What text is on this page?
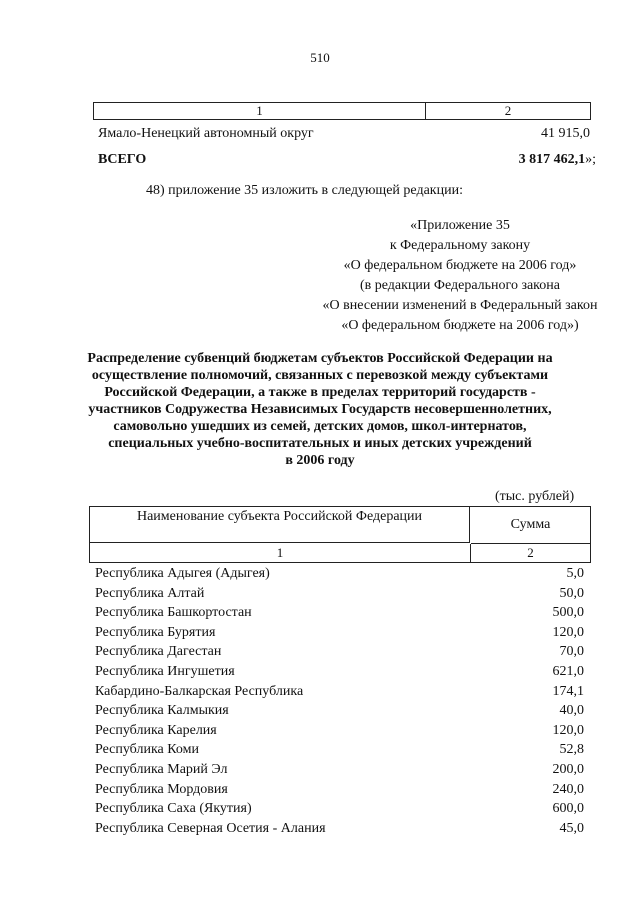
510
1	2
Ямало-Ненецкий автономный округ	41 915,0
ВСЕГО	3 817 462,1»;
48) приложение 35 изложить в следующей редакции:
«Приложение 35
к Федеральному закону
«О федеральном бюджете на 2006 год»
(в редакции Федерального закона
«О внесении изменений в Федеральный закон
«О федеральном бюджете на 2006 год»)
Распределение субвенций бюджетам субъектов Российской Федерации на
осуществление полномочий, связанных с перевозкой между субъектами
Российской Федерации, а также в пределах территорий государств -
участников Содружества Независимых Государств несовершеннолетних,
самовольно ушедших из семей, детских домов, школ-интернатов,
специальных учебно-воспитательных и иных детских учреждений
в 2006 году
(тыс. рублей)
Наименование субъекта Российской Федерации
Сумма
1	2
Республика Адыгея (Адыгея)	5,0
Республика Алтай	50,0
Республика Башкортостан	500,0
Республика Бурятия	120,0
Республика Дагестан	70,0
Республика Ингушетия	621,0
Кабардино-Балкарская Республика	174,1
Республика Калмыкия	40,0
Республика Карелия	120,0
Республика Коми	52,8
Республика Марий Эл	200,0
Республика Мордовия	240,0
Республика Саха (Якутия)	600,0
Республика Северная Осетия - Алания	45,0
